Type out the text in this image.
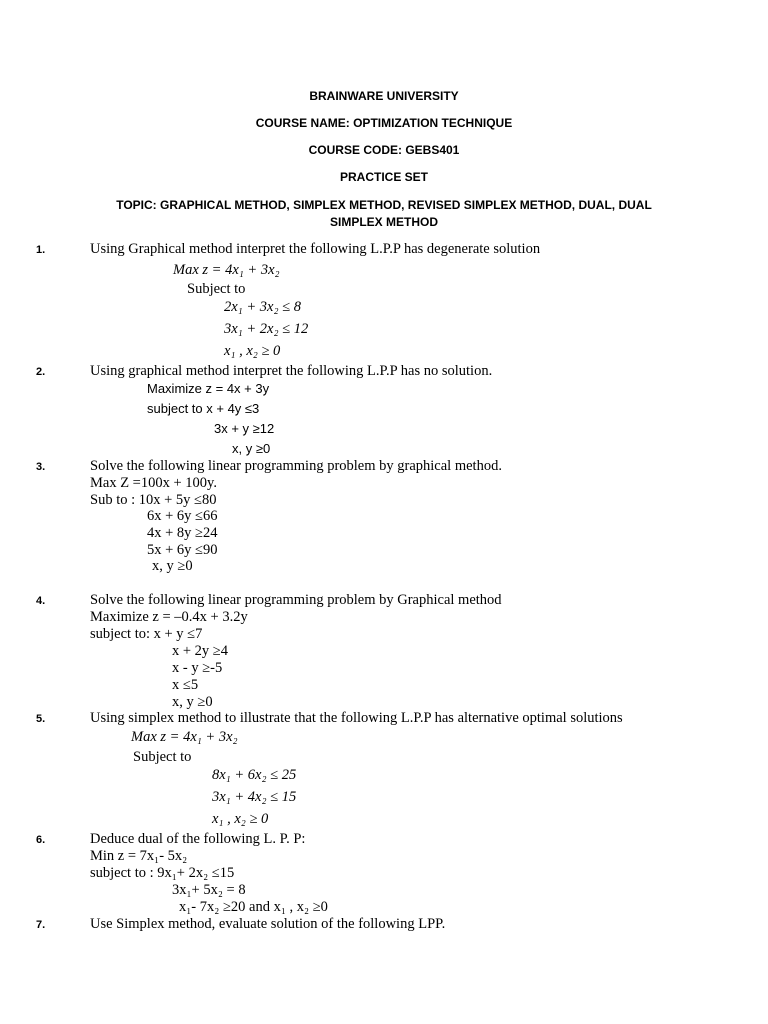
BRAINWARE UNIVERSITY
COURSE NAME: OPTIMIZATION TECHNIQUE
COURSE CODE: GEBS401
PRACTICE SET
TOPIC: GRAPHICAL METHOD, SIMPLEX METHOD, REVISED SIMPLEX METHOD, DUAL, DUAL
SIMPLEX METHOD
1.	Using Graphical method interpret the following L.P.P has degenerate solution
Max z = 4x₁ + 3x₂
Subject to
2x₁ + 3x₂ ≤ 8
3x₁ + 2x₂ ≤ 12
x₁ , x₂ ≥ 0
2.	Using graphical method interpret the following L.P.P has no solution.
Maximize z = 4x + 3y
subject to x + 4y ≤3
3x + y ≥12
x, y ≥0
3.	Solve the following linear programming problem by graphical method.
Max Z =100x + 100y.
Sub to : 10x + 5y ≤80
6x + 6y ≤66
4x + 8y ≥24
5x + 6y ≤90
x, y ≥0
4.	Solve the following linear programming problem by Graphical method
Maximize z = –0.4x + 3.2y
subject to: x + y ≤7
x + 2y ≥4
x - y ≥-5
x ≤5
x, y ≥0
5.	Using simplex method to illustrate that the following L.P.P has alternative optimal solutions
Max z = 4x₁ + 3x₂
Subject to
8x₁ + 6x₂ ≤ 25
3x₁ + 4x₂ ≤ 15
x₁ , x₂ ≥ 0
6.	Deduce dual of the following L. P. P:
Min z = 7x₁- 5x₂
subject to : 9x₁+ 2x₂ ≤15
3x₁+ 5x₂ = 8
x₁- 7x₂ ≥20 and x₁ , x₂ ≥0
7.	Use Simplex method, evaluate solution of the following LPP.
